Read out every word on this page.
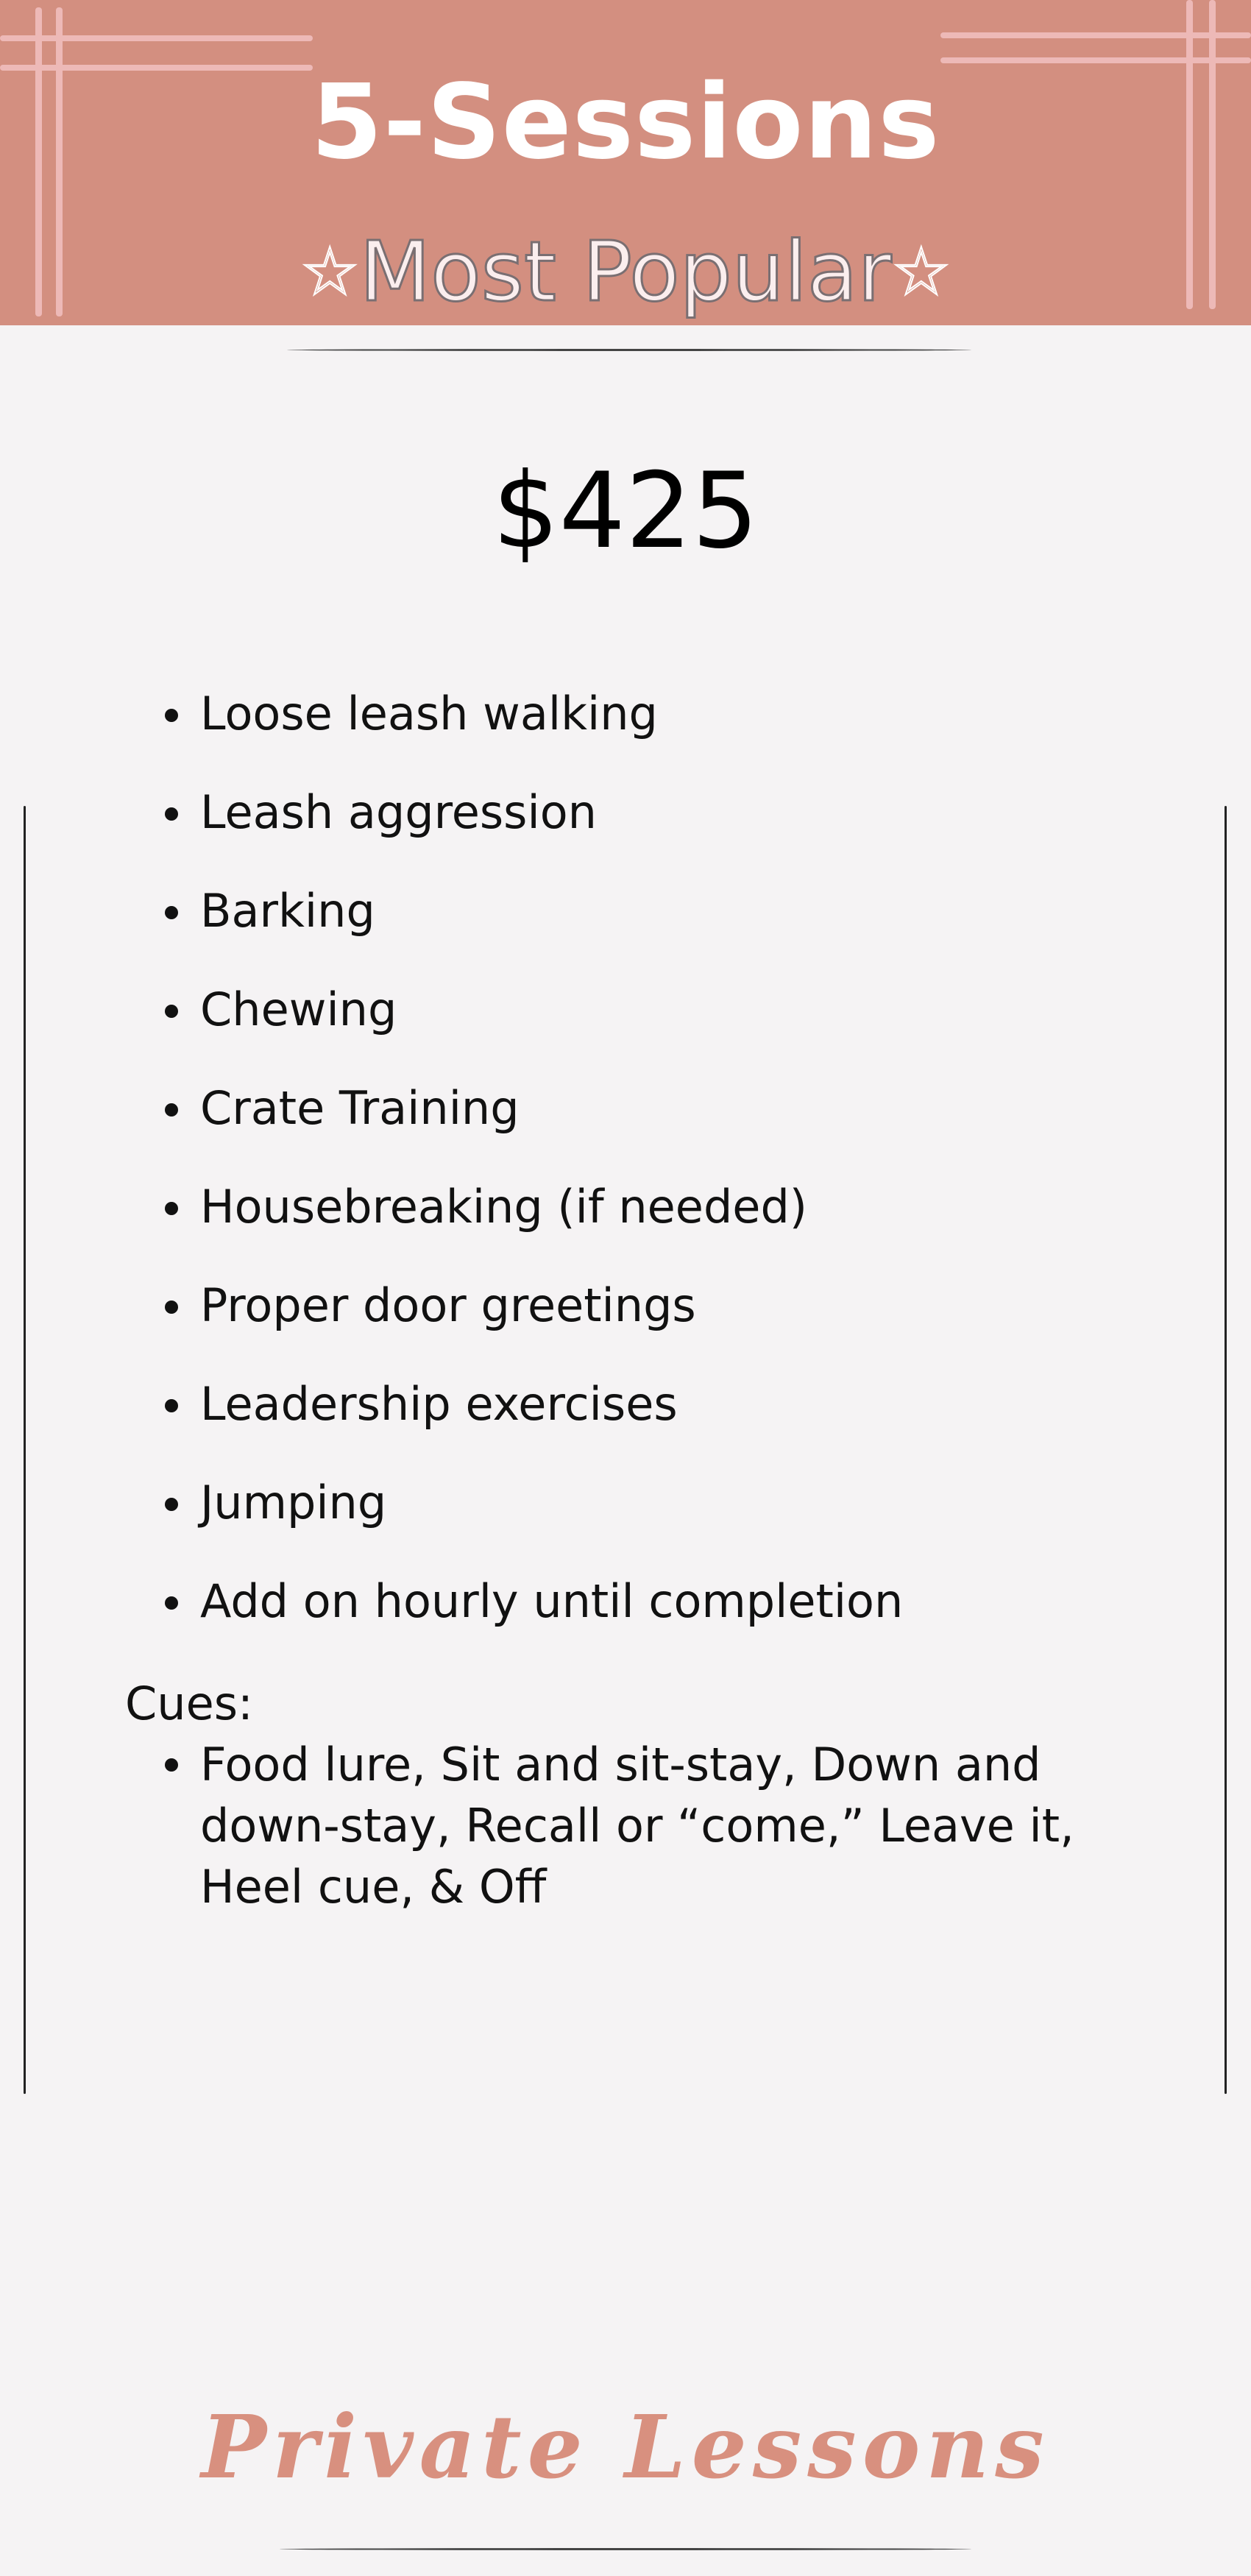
5-Sessions
☆Most Popular☆
$425
Loose leash walking
Leash aggression
Barking
Chewing
Crate Training
Housebreaking (if needed)
Proper door greetings
Leadership exercises
Jumping
Add on hourly until completion
Cues:
Food lure, Sit and sit-stay, Down and down-stay, Recall or “come,” Leave it, Heel cue, & Off
Private Lessons
